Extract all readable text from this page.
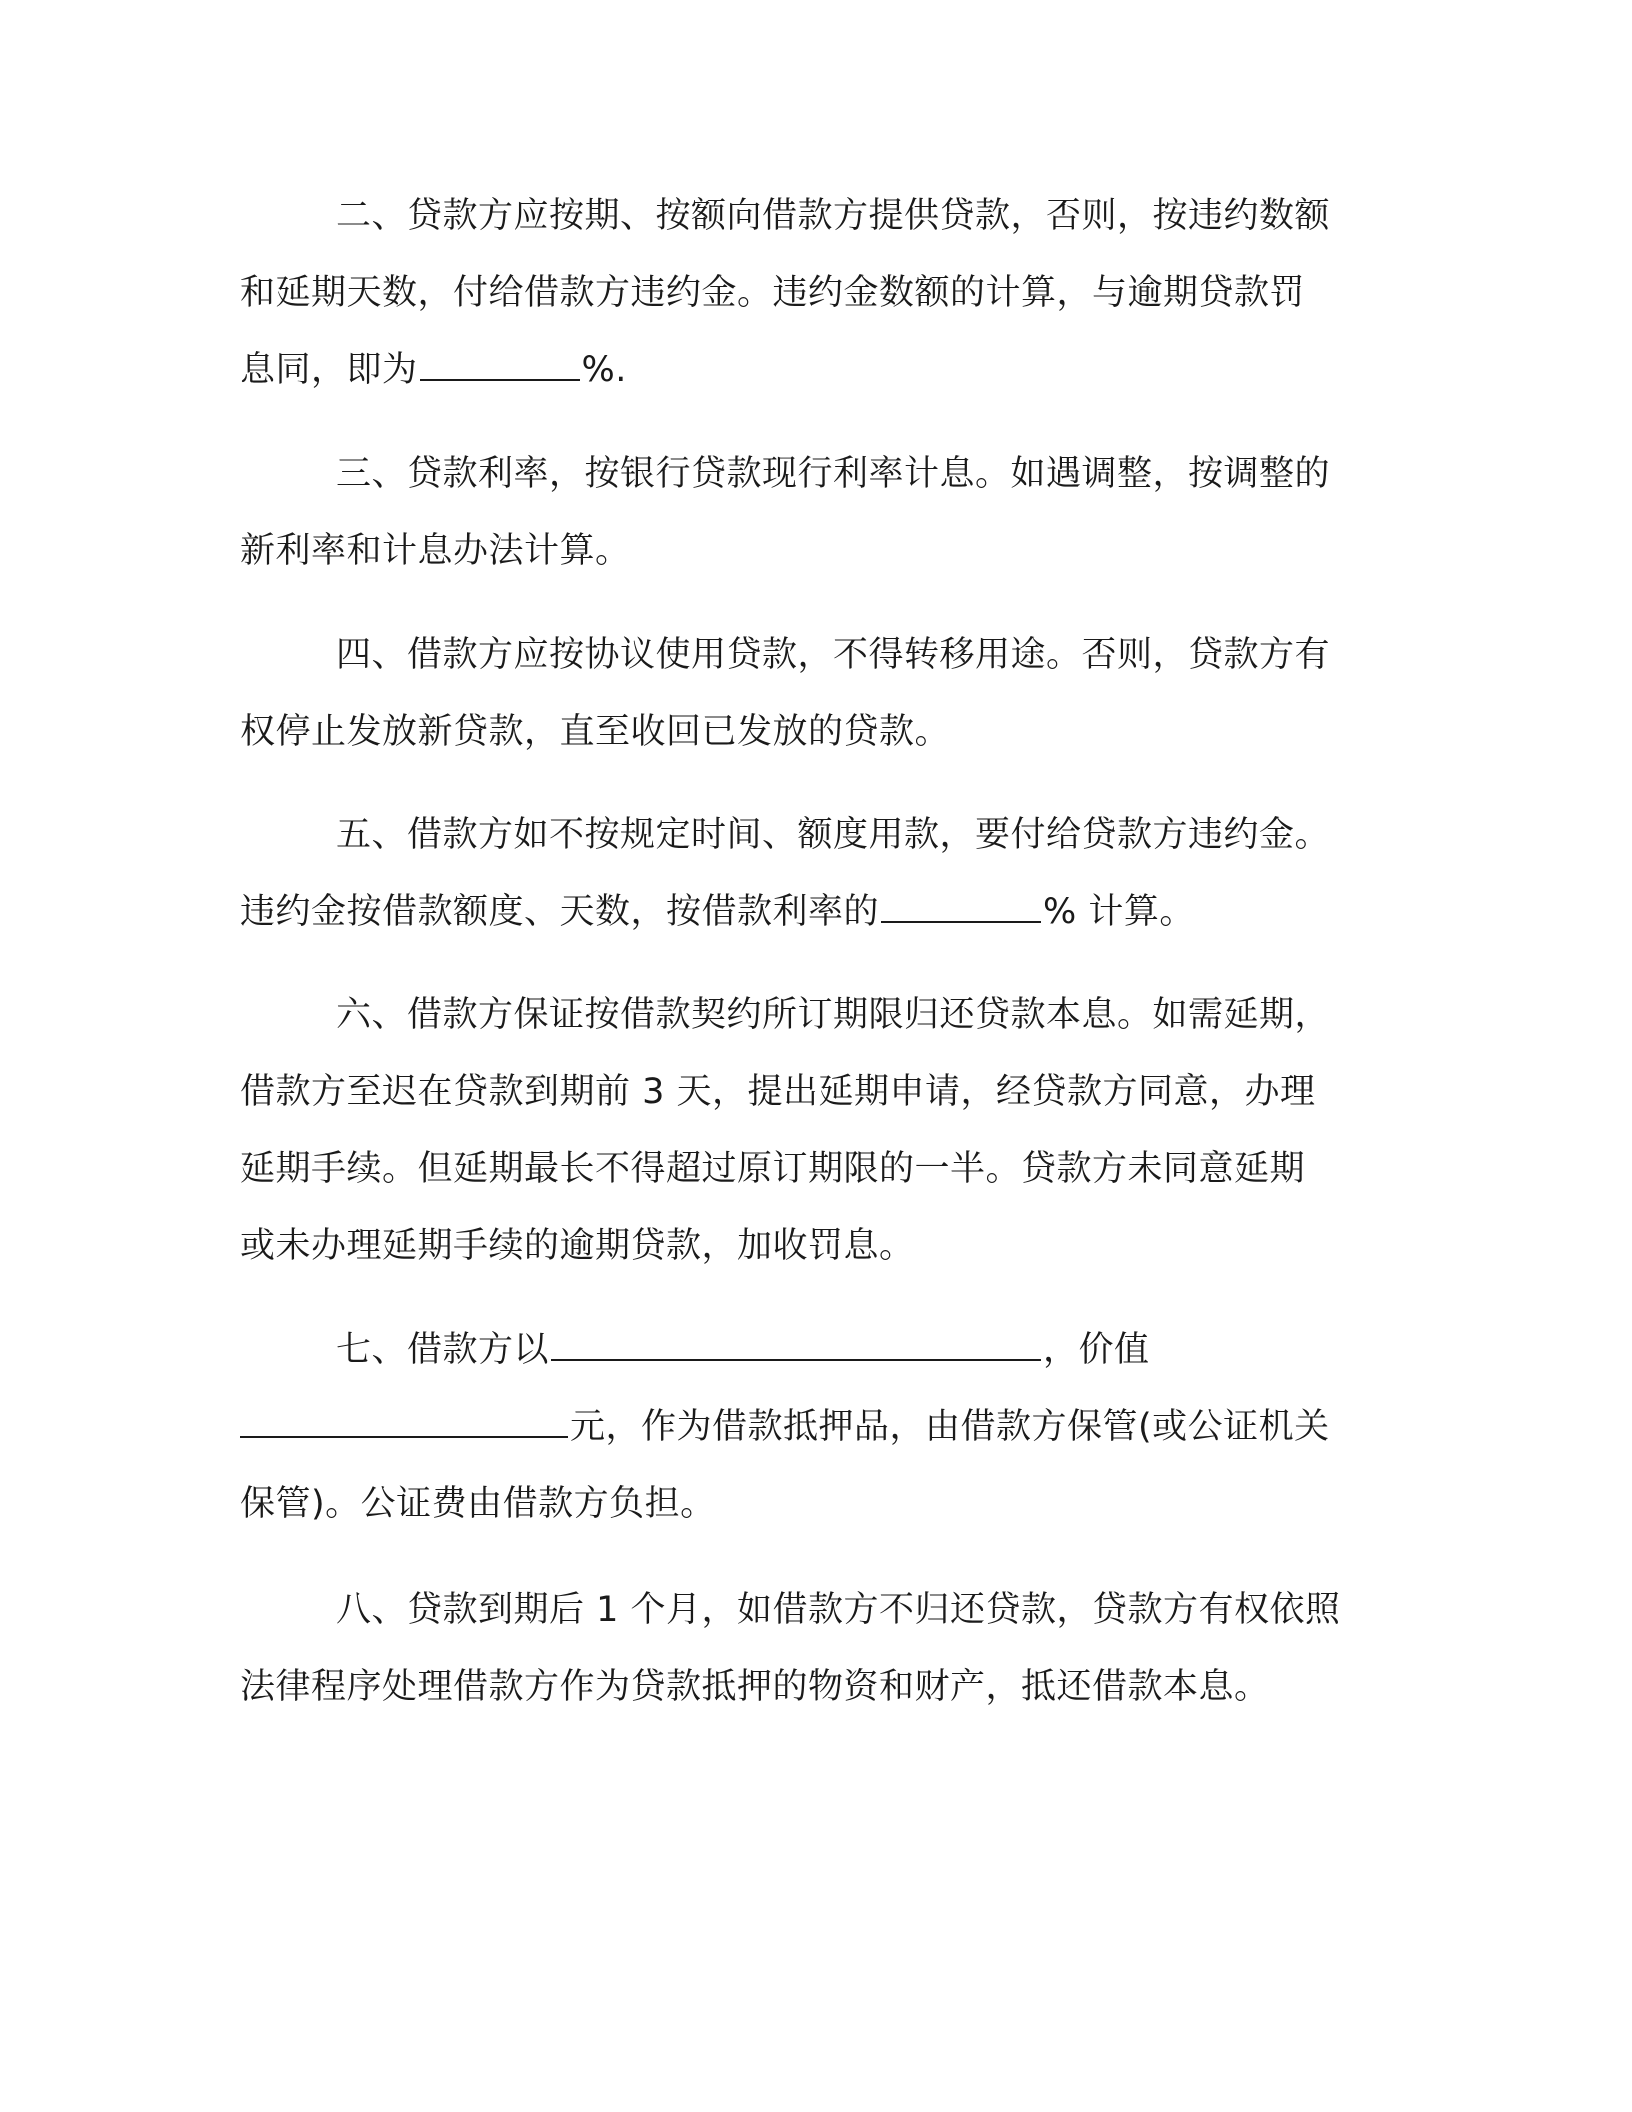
二、贷款方应按期、按额向借款方提供贷款，否则，按违约数额
和延期天数，付给借款方违约金。违约金数额的计算，与逾期贷款罚
息同，即为	%.
三、贷款利率，按银行贷款现行利率计息。如遇调整，按调整的
新利率和计息办法计算。
四、借款方应按协议使用贷款，不得转移用途。否则，贷款方有
权停止发放新贷款，直至收回已发放的贷款。
五、借款方如不按规定时间、额度用款，要付给贷款方违约金。
违约金按借款额度、天数，按借款利率的	% 计算。
六、借款方保证按借款契约所订期限归还贷款本息。如需延期，
借款方至迟在贷款到期前 3 天，提出延期申请，经贷款方同意，办理
延期手续。但延期最长不得超过原订期限的一半。贷款方未同意延期
或未办理延期手续的逾期贷款，加收罚息。
七、借款方以	，价值
元，作为借款抵押品，由借款方保管(或公证机关
保管)。公证费由借款方负担。
八、贷款到期后 1 个月，如借款方不归还贷款，贷款方有权依照
法律程序处理借款方作为贷款抵押的物资和财产，抵还借款本息。
